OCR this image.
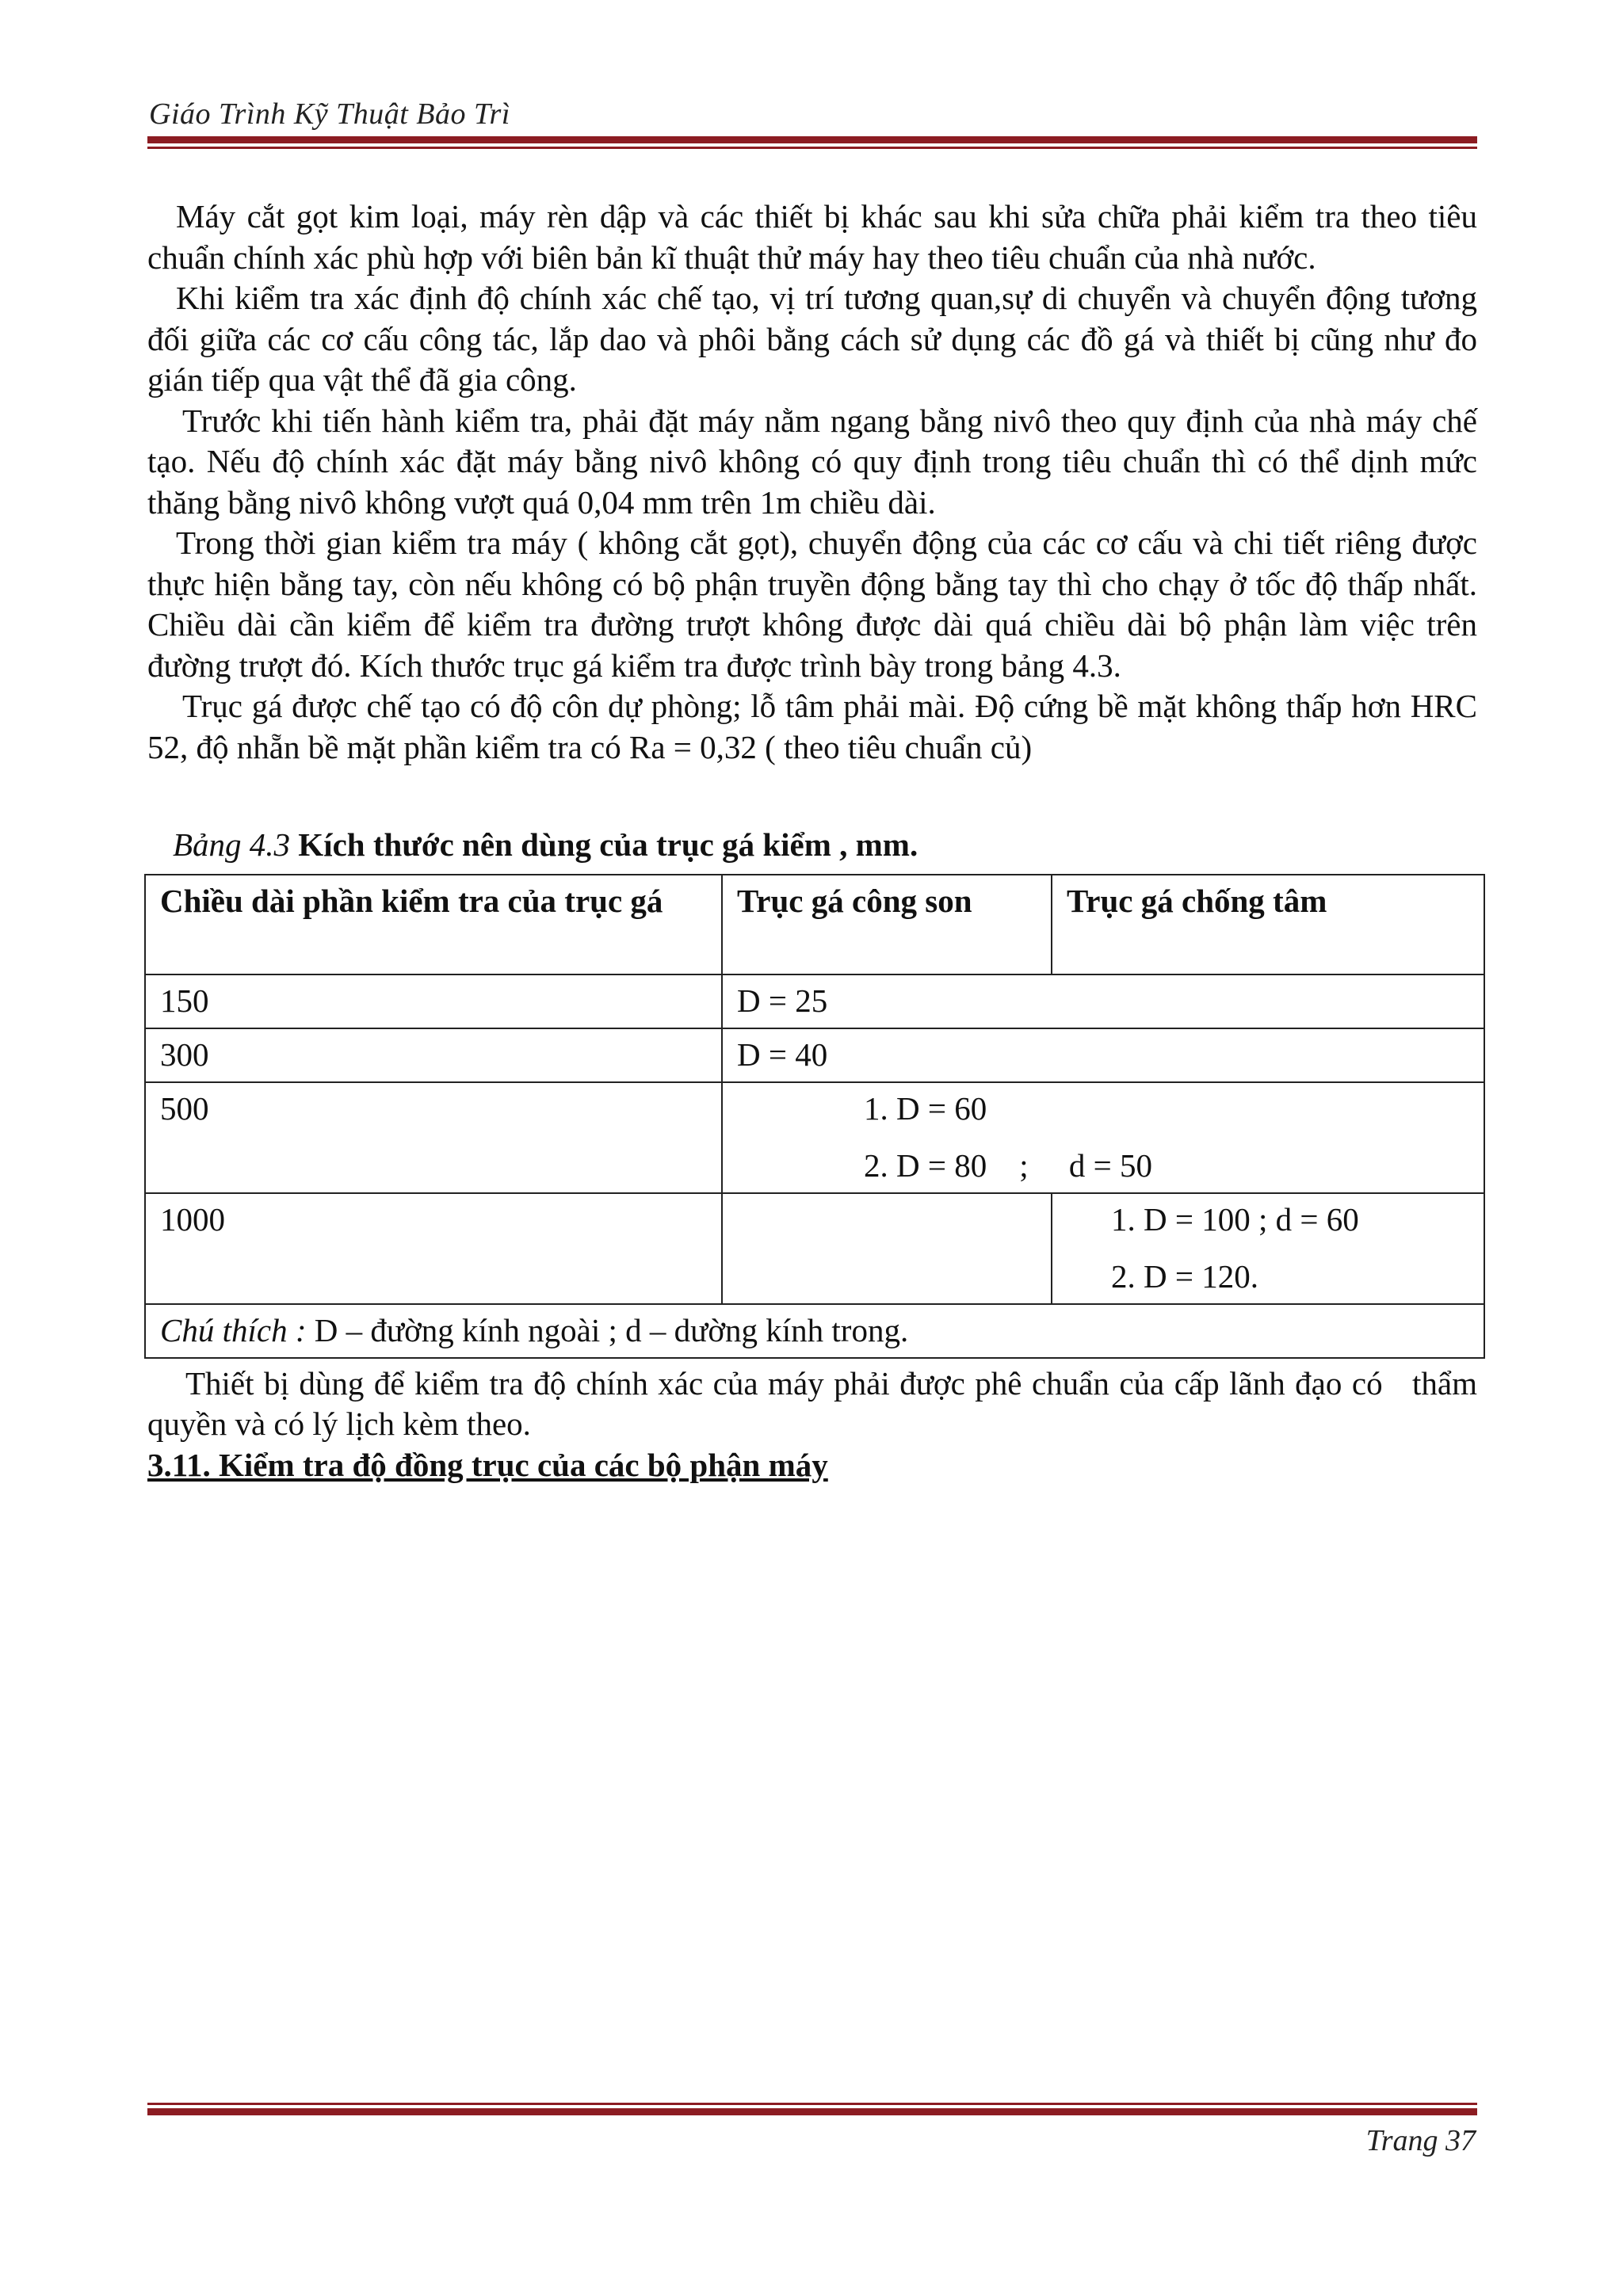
Giáo Trình Kỹ Thuật Bảo Trì

Máy cắt gọt kim loại, máy rèn dập và các thiết bị khác sau khi sửa chữa phải kiểm tra theo tiêu chuẩn chính xác phù hợp với biên bản kĩ thuật thử máy hay theo tiêu chuẩn của nhà nước.

Khi kiểm tra xác định độ chính xác chế tạo, vị trí tương quan,sự di chuyển và chuyển động tương đối giữa các cơ cấu công tác, lắp dao và phôi bằng cách sử dụng các đồ gá và thiết bị cũng như đo gián tiếp qua vật thể đã gia công.

Trước khi tiến hành kiểm tra, phải đặt máy nằm ngang bằng nivô theo quy định của nhà máy chế tạo. Nếu độ chính xác đặt máy bằng nivô không có quy định trong tiêu chuẩn thì có thể dịnh mức thăng bằng nivô không vượt quá 0,04 mm trên 1m chiều dài.

Trong thời gian kiểm tra máy ( không cắt gọt), chuyển động của các cơ cấu và chi tiết riêng được thực hiện bằng tay, còn nếu không có bộ phận truyền động bằng tay thì cho chạy ở tốc độ thấp nhất. Chiều dài cần kiểm để kiểm tra đường trượt không được dài quá chiều dài bộ phận làm việc trên đường trượt đó. Kích thước trục gá kiểm tra được trình bày trong bảng 4.3.

Trục gá được chế tạo có độ côn dự phòng; lỗ tâm phải mài. Độ cứng bề mặt không thấp hơn HRC 52, độ nhẵn bề mặt phần kiểm tra có Ra = 0,32 ( theo tiêu chuẩn củ)

Bảng 4.3 Kích thước nên dùng của trục gá kiểm , mm.
Chiều dài phần kiểm tra của trục gá	Trục gá công son	Trục gá chống tâm
150	D = 25	
300	D = 40	
500	1. D = 60
2. D = 80    ;     d = 50	

1000		1. D = 100 ; d = 60
2. D = 120.

Chú thích : D – đường kính ngoài ; d – dường kính trong.		

Thiết bị dùng để kiểm tra độ chính xác của máy phải được phê chuẩn của cấp lãnh đạo có   thẩm quyền và có lý lịch kèm theo.

3.11. Kiểm tra độ đồng trục của các bộ phận máy
Trang 37
